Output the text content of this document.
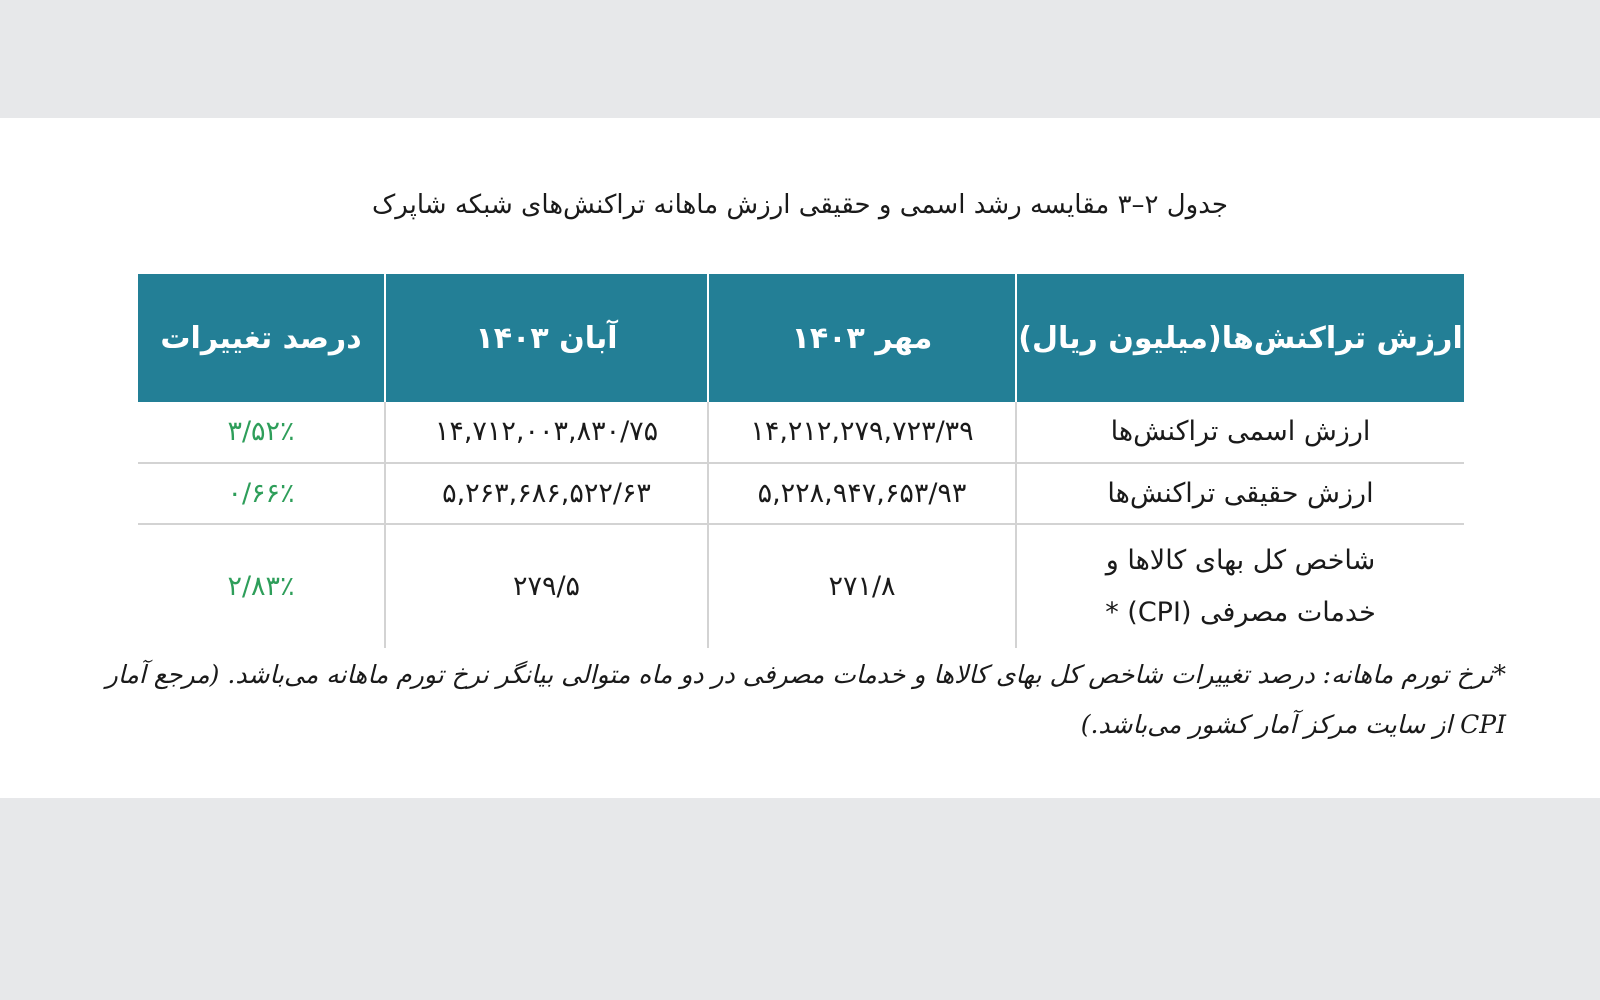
جدول ۲–۳ مقایسه رشد اسمی و حقیقی ارزش ماهانه تراکنش‌های شبکه شاپرک
ارزش تراکنش‌ها(میلیون ریال)	مهر ۱۴۰۳	آبان ۱۴۰۳	درصد تغییرات
ارزش اسمی تراکنش‌ها	۱۴,۲۱۲,۲۷۹,۷۲۳/۳۹	۱۴,۷۱۲,۰۰۳,۸۳۰/۷۵	۳/۵۲٪
ارزش حقیقی تراکنش‌ها	۵,۲۲۸,۹۴۷,۶۵۳/۹۳	۵,۲۶۳,۶۸۶,۵۲۲/۶۳	۰/۶۶٪
شاخص کل بهای کالاها و خدمات مصرفی (CPI) *	۲۷۱/۸	۲۷۹/۵	۲/۸۳٪
*نرخ تورم ماهانه: درصد تغییرات شاخص کل بهای کالاها و خدمات مصرفی در دو ماه متوالی بیانگر نرخ تورم ماهانه می‌باشد. (مرجع آمار CPI از سایت مرکز آمار کشور می‌باشد.)
